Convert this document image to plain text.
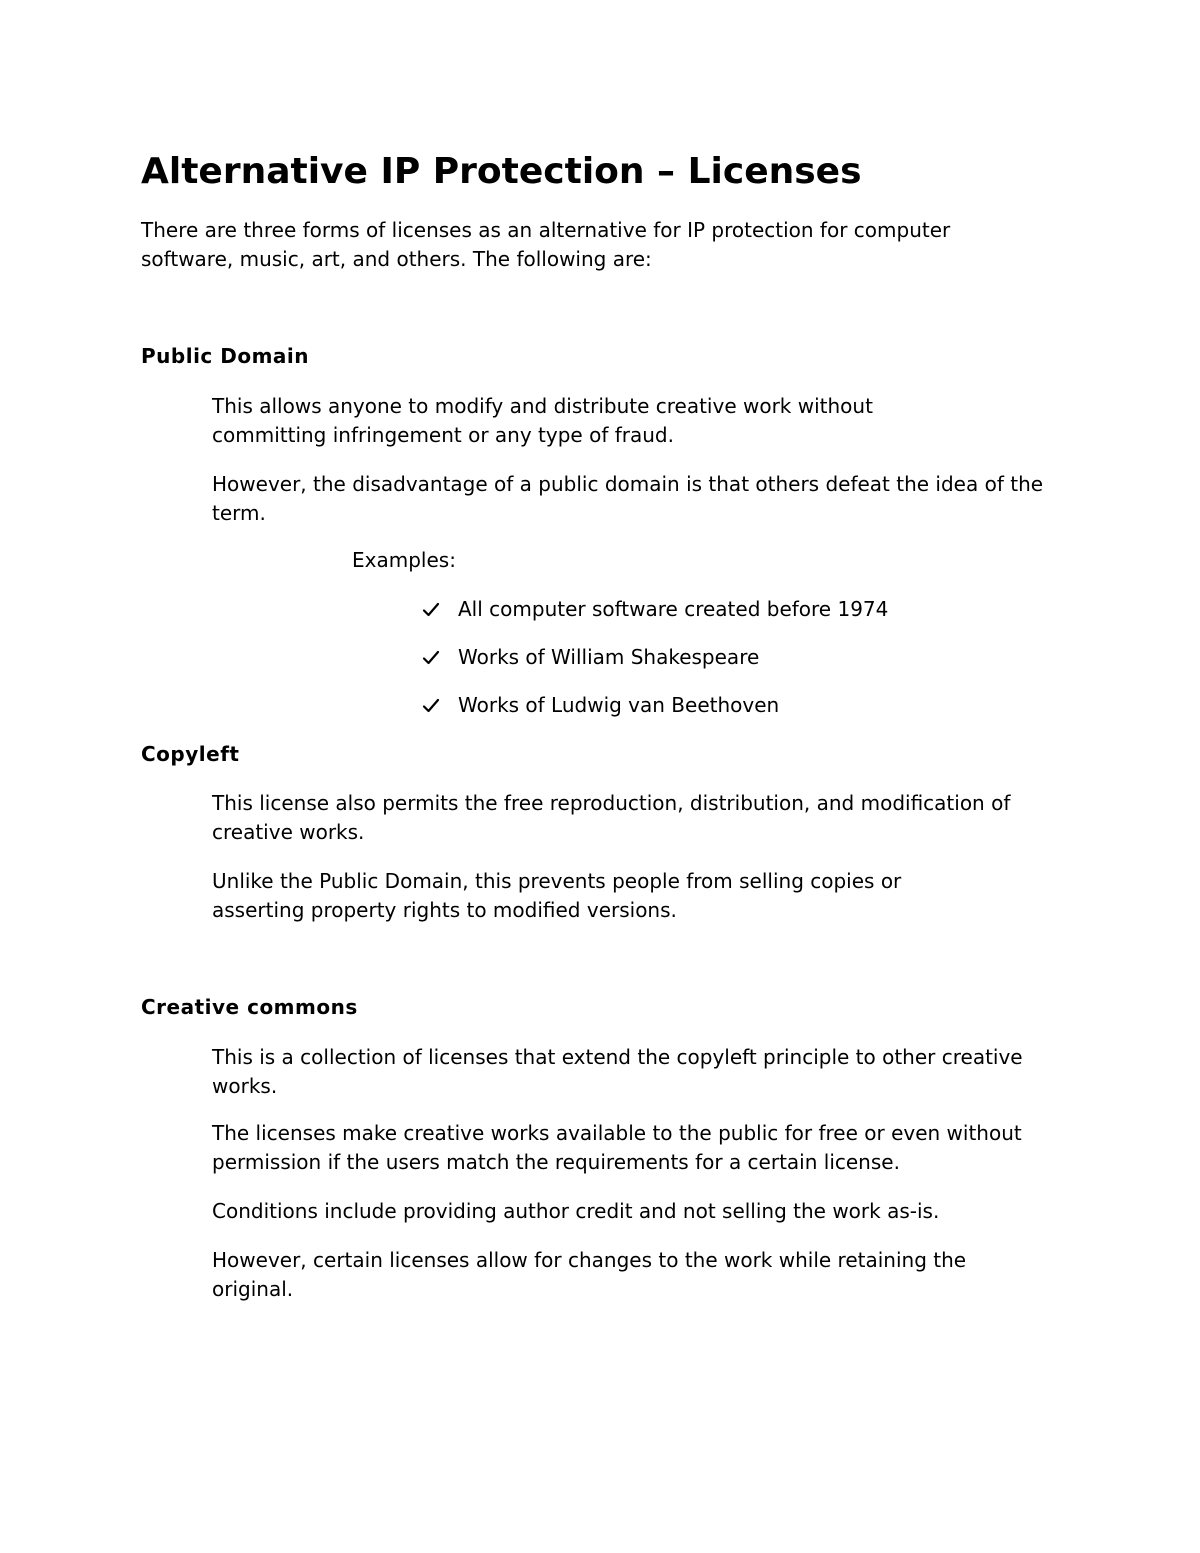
Alternative IP Protection – Licenses

There are three forms of licenses as an alternative for IP protection for computer software, music, art, and others. The following are:

Public Domain

This allows anyone to modify and distribute creative work without committing infringement or any type of fraud.

However, the disadvantage of a public domain is that others defeat the idea of the term.

Examples:

All computer software created before 1974
Works of William Shakespeare
Works of Ludwig van Beethoven
Copyleft

This license also permits the free reproduction, distribution, and modification of creative works.

Unlike the Public Domain, this prevents people from selling copies or asserting property rights to modified versions.

Creative commons

This is a collection of licenses that extend the copyleft principle to other creative works.

The licenses make creative works available to the public for free or even without permission if the users match the requirements for a certain license.

Conditions include providing author credit and not selling the work as-is.

However, certain licenses allow for changes to the work while retaining the original.
